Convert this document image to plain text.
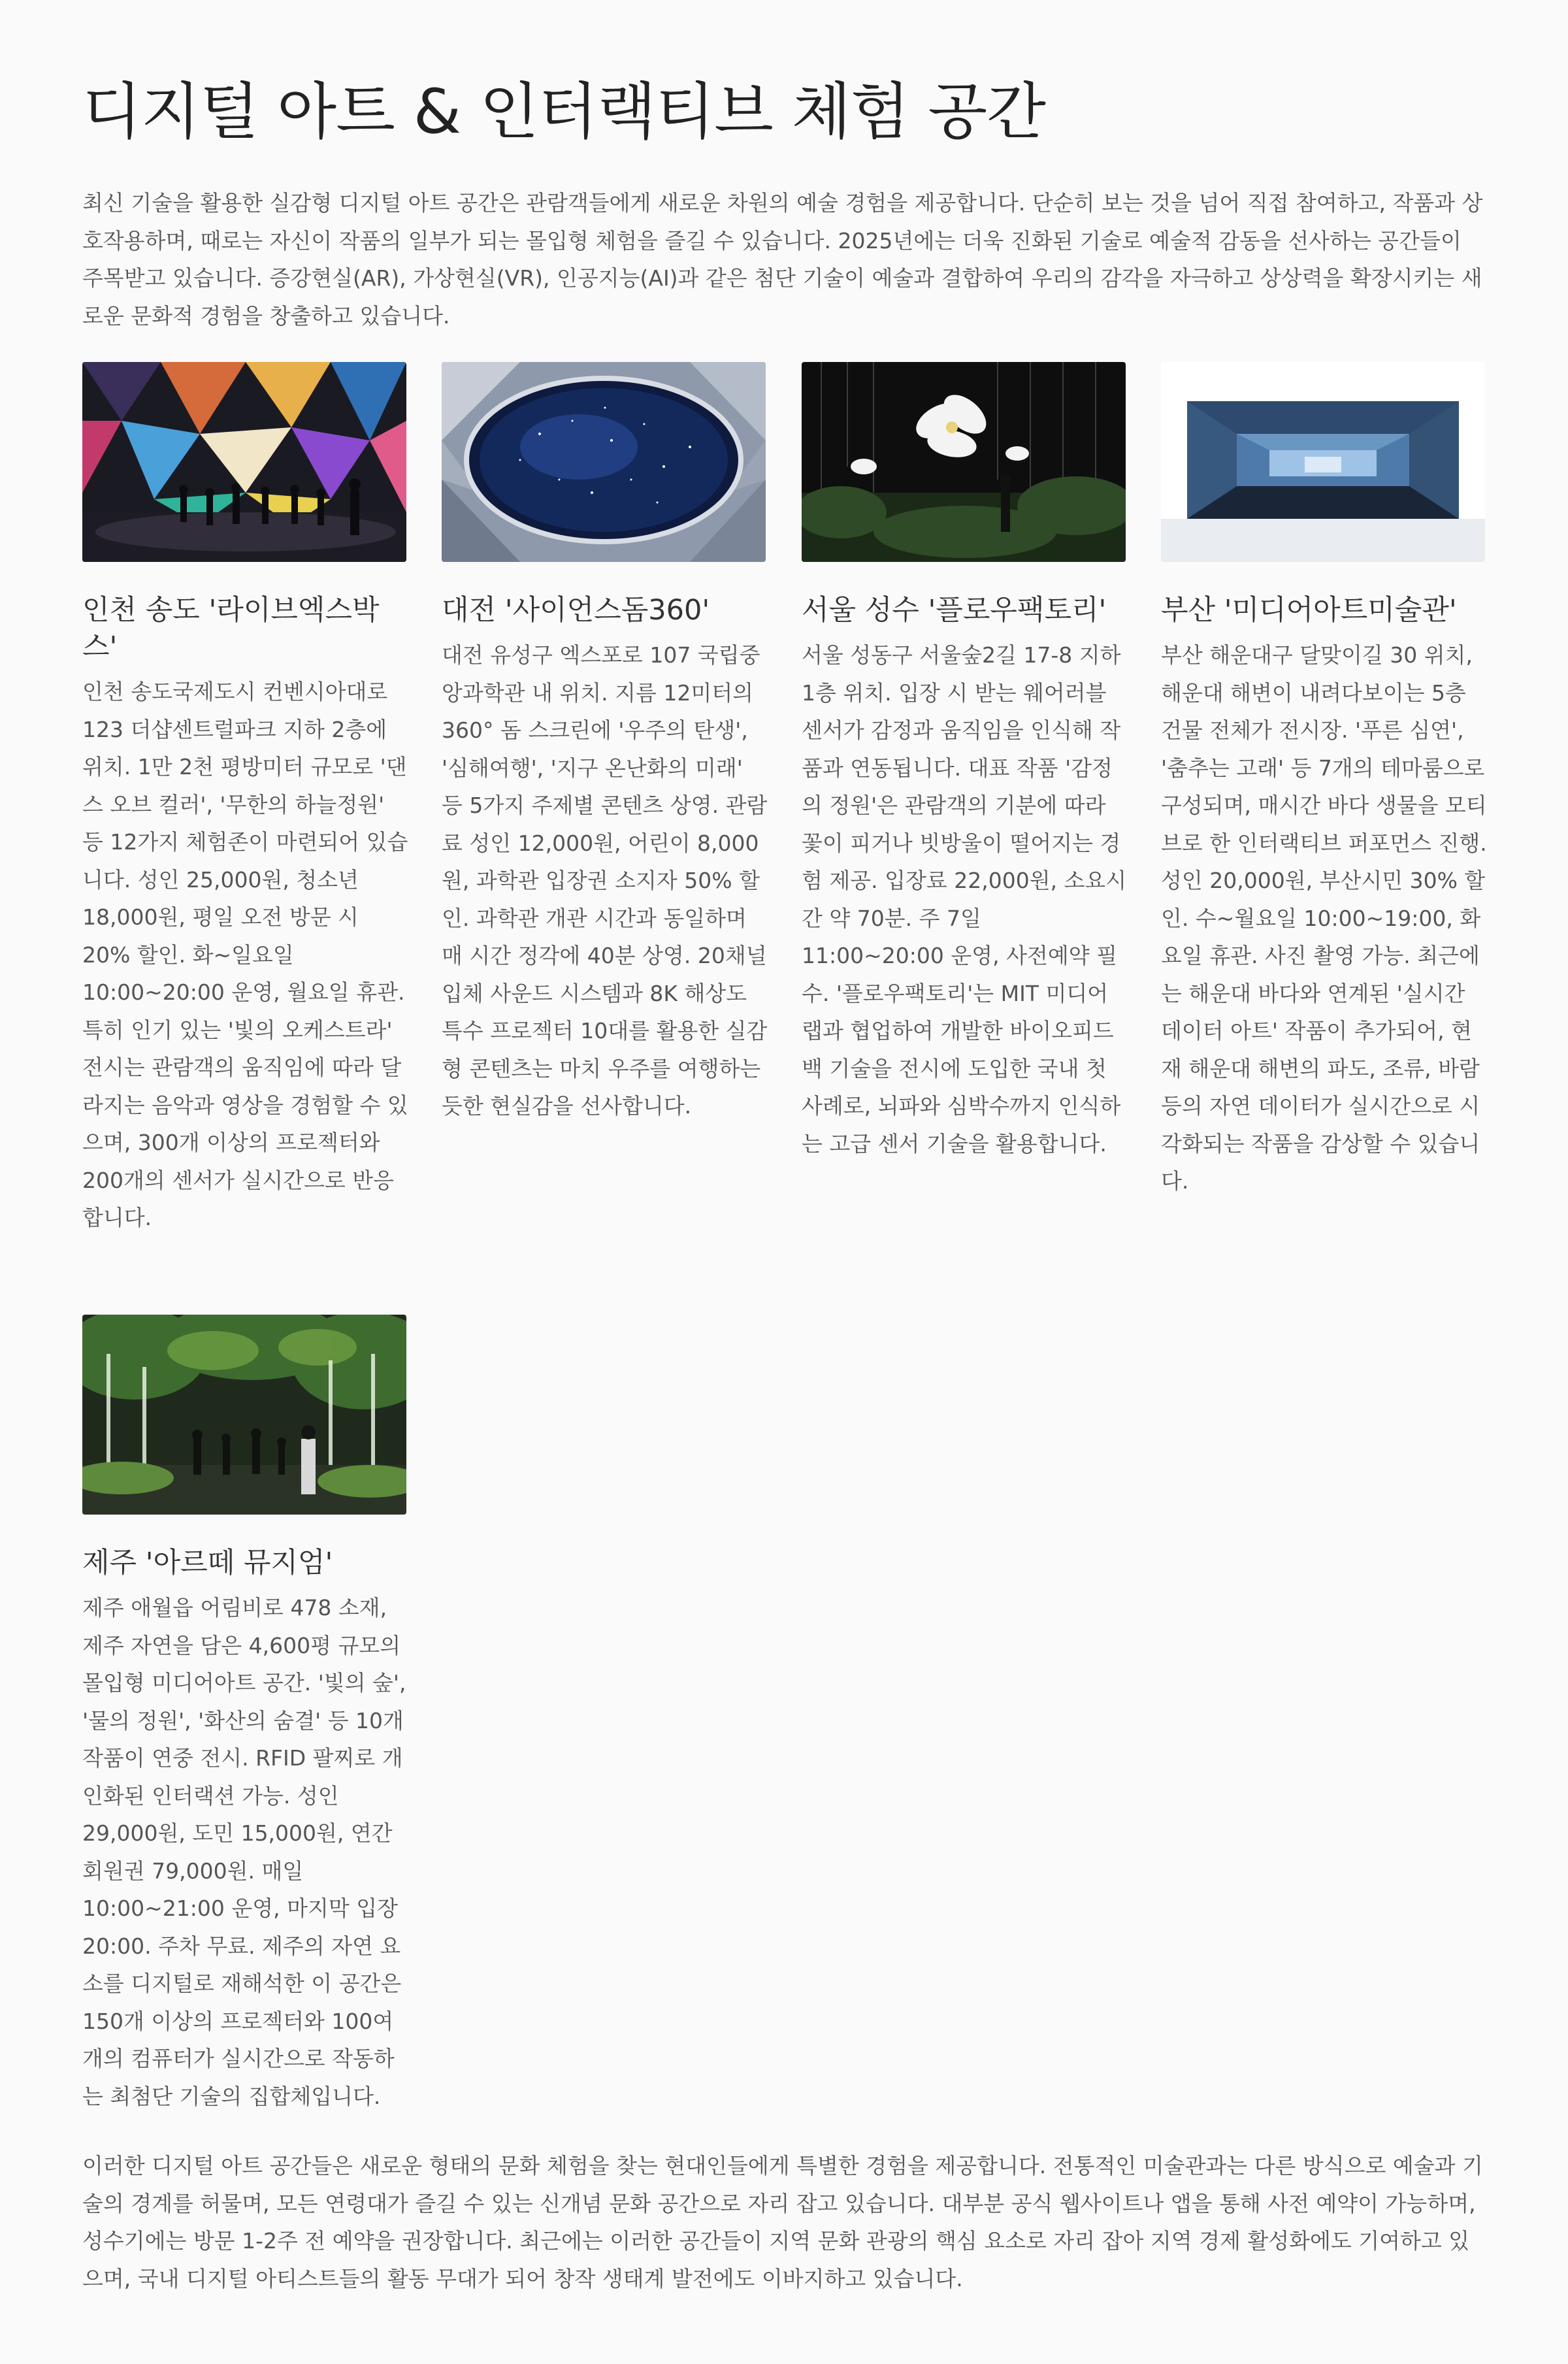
디지털 아트 & 인터랙티브 체험 공간

최신 기술을 활용한 실감형 디지털 아트 공간은 관람객들에게 새로운 차원의 예술 경험을 제공합니다. 단순히 보는 것을 넘어 직접 참여하고, 작품과 상호작용하며, 때로는 자신이 작품의 일부가 되는 몰입형 체험을 즐길 수 있습니다. 2025년에는 더욱 진화된 기술로 예술적 감동을 선사하는 공간들이 주목받고 있습니다. 증강현실(AR), 가상현실(VR), 인공지능(AI)과 같은 첨단 기술이 예술과 결합하여 우리의 감각을 자극하고 상상력을 확장시키는 새로운 문화적 경험을 창출하고 있습니다.

인천 송도 '라이브엑스박스'

인천 송도국제도시 컨벤시아대로 123 더샵센트럴파크 지하 2층에 위치. 1만 2천 평방미터 규모로 '댄스 오브 컬러', '무한의 하늘정원' 등 12가지 체험존이 마련되어 있습니다. 성인 25,000원, 청소년 18,000원, 평일 오전 방문 시 20% 할인. 화~일요일 10:00~20:00 운영, 월요일 휴관. 특히 인기 있는 '빛의 오케스트라' 전시는 관람객의 움직임에 따라 달라지는 음악과 영상을 경험할 수 있으며, 300개 이상의 프로젝터와 200개의 센서가 실시간으로 반응합니다.

대전 '사이언스돔360'

대전 유성구 엑스포로 107 국립중앙과학관 내 위치. 지름 12미터의 360° 돔 스크린에 '우주의 탄생', '심해여행', '지구 온난화의 미래' 등 5가지 주제별 콘텐츠 상영. 관람료 성인 12,000원, 어린이 8,000원, 과학관 입장권 소지자 50% 할인. 과학관 개관 시간과 동일하며 매 시간 정각에 40분 상영. 20채널 입체 사운드 시스템과 8K 해상도 특수 프로젝터 10대를 활용한 실감형 콘텐츠는 마치 우주를 여행하는 듯한 현실감을 선사합니다.

서울 성수 '플로우팩토리'

서울 성동구 서울숲2길 17-8 지하 1층 위치. 입장 시 받는 웨어러블 센서가 감정과 움직임을 인식해 작품과 연동됩니다. 대표 작품 '감정의 정원'은 관람객의 기분에 따라 꽃이 피거나 빗방울이 떨어지는 경험 제공. 입장료 22,000원, 소요시간 약 70분. 주 7일 11:00~20:00 운영, 사전예약 필수. '플로우팩토리'는 MIT 미디어랩과 협업하여 개발한 바이오피드백 기술을 전시에 도입한 국내 첫 사례로, 뇌파와 심박수까지 인식하는 고급 센서 기술을 활용합니다.

부산 '미디어아트미술관'

부산 해운대구 달맞이길 30 위치, 해운대 해변이 내려다보이는 5층 건물 전체가 전시장. '푸른 심연', '춤추는 고래' 등 7개의 테마룸으로 구성되며, 매시간 바다 생물을 모티브로 한 인터랙티브 퍼포먼스 진행. 성인 20,000원, 부산시민 30% 할인. 수~월요일 10:00~19:00, 화요일 휴관. 사진 촬영 가능. 최근에는 해운대 바다와 연계된 '실시간 데이터 아트' 작품이 추가되어, 현재 해운대 해변의 파도, 조류, 바람 등의 자연 데이터가 실시간으로 시각화되는 작품을 감상할 수 있습니다.

제주 '아르떼 뮤지엄'

제주 애월읍 어림비로 478 소재, 제주 자연을 담은 4,600평 규모의 몰입형 미디어아트 공간. '빛의 숲', '물의 정원', '화산의 숨결' 등 10개 작품이 연중 전시. RFID 팔찌로 개인화된 인터랙션 가능. 성인 29,000원, 도민 15,000원, 연간회원권 79,000원. 매일 10:00~21:00 운영, 마지막 입장 20:00. 주차 무료. 제주의 자연 요소를 디지털로 재해석한 이 공간은 150개 이상의 프로젝터와 100여 개의 컴퓨터가 실시간으로 작동하는 최첨단 기술의 집합체입니다.

이러한 디지털 아트 공간들은 새로운 형태의 문화 체험을 찾는 현대인들에게 특별한 경험을 제공합니다. 전통적인 미술관과는 다른 방식으로 예술과 기술의 경계를 허물며, 모든 연령대가 즐길 수 있는 신개념 문화 공간으로 자리 잡고 있습니다. 대부분 공식 웹사이트나 앱을 통해 사전 예약이 가능하며, 성수기에는 방문 1-2주 전 예약을 권장합니다. 최근에는 이러한 공간들이 지역 문화 관광의 핵심 요소로 자리 잡아 지역 경제 활성화에도 기여하고 있으며, 국내 디지털 아티스트들의 활동 무대가 되어 창작 생태계 발전에도 이바지하고 있습니다.
